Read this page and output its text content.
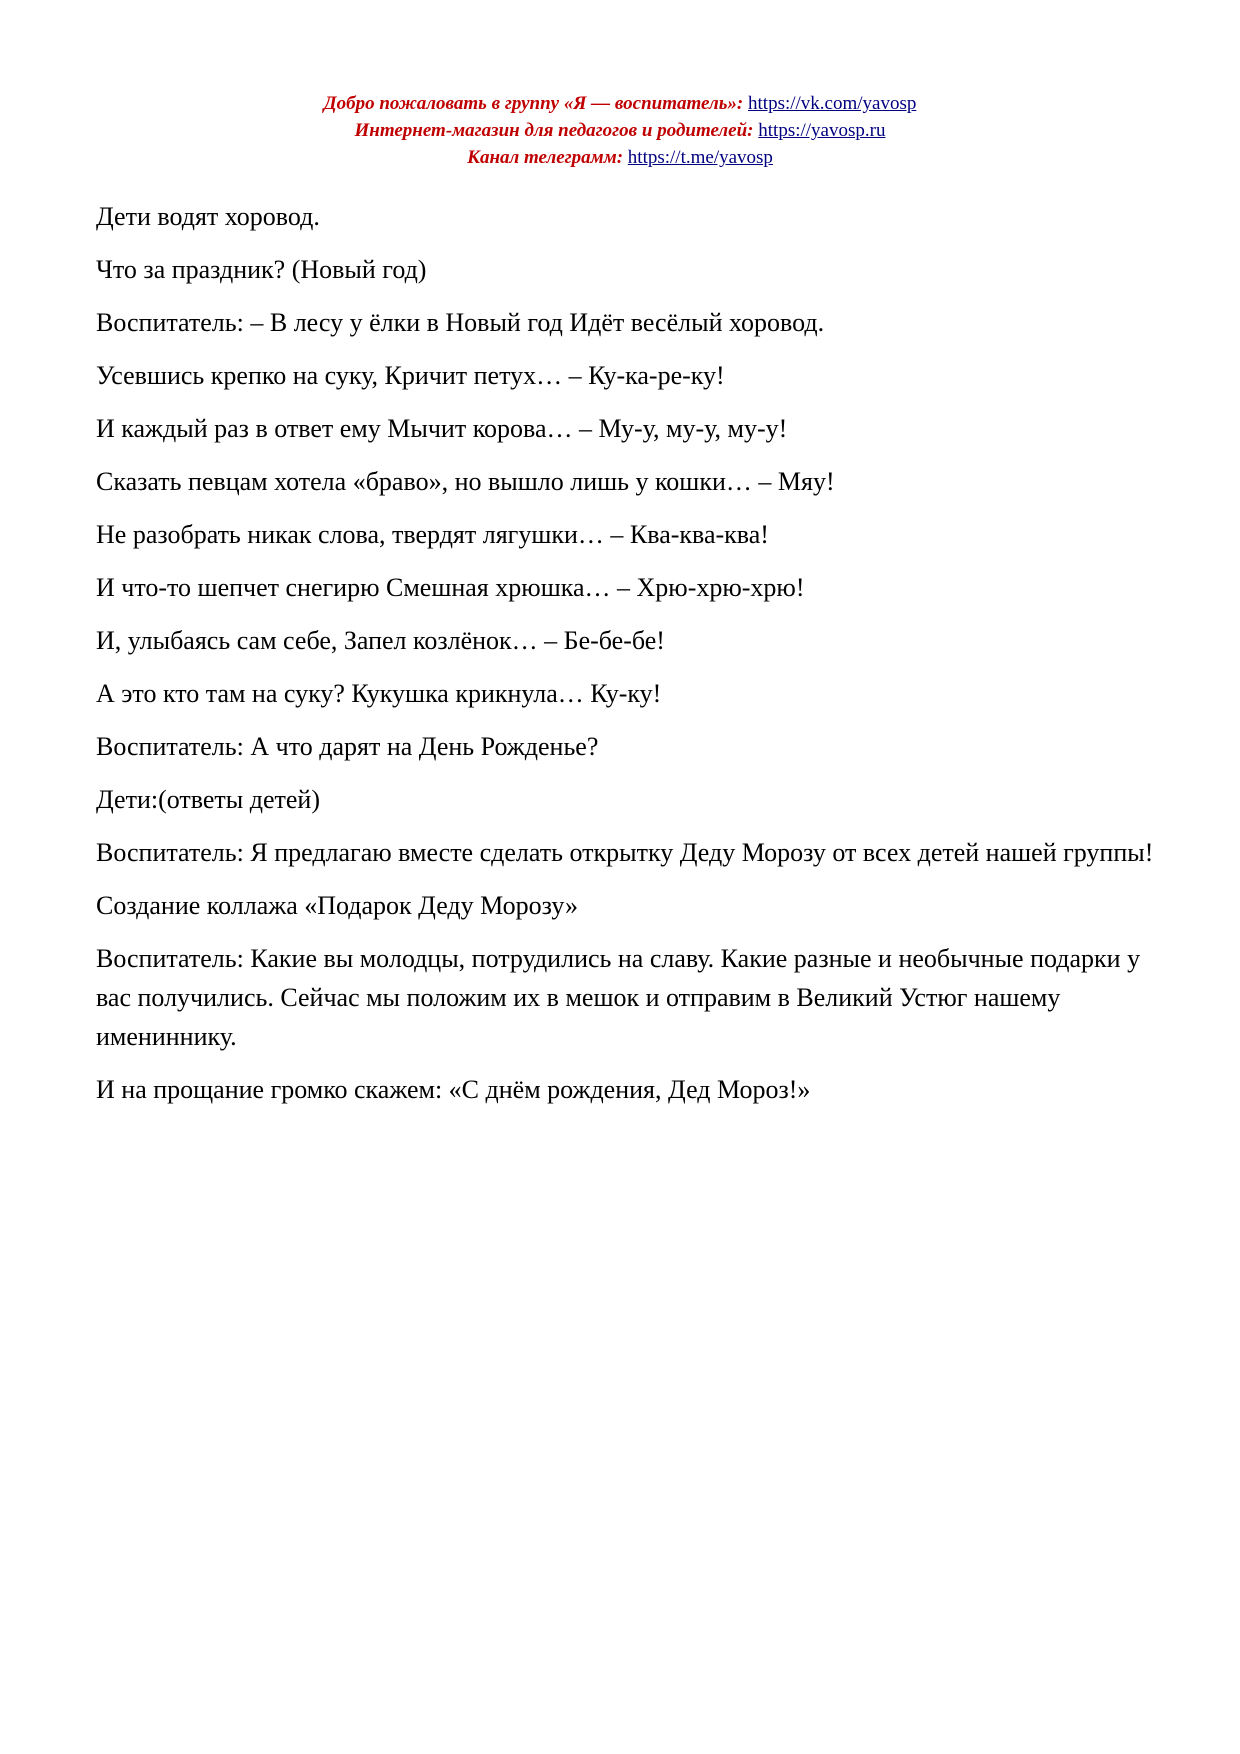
Добро пожаловать в группу «Я — воспитатель»: https://vk.com/yavosp
Интернет-магазин для педагогов и родителей: https://yavosp.ru
Канал телеграмм: https://t.me/yavosp

Дети водят хоровод.

Что за праздник? (Новый год)

Воспитатель: – В лесу у ёлки в Новый год Идёт весёлый хоровод.

Усевшись крепко на суку, Кричит петух… – Ку-ка-ре-ку!

И каждый раз в ответ ему Мычит корова… – Му-у, му-у, му-у!

Сказать певцам хотела «браво», но вышло лишь у кошки… – Мяу!

Не разобрать никак слова, твердят лягушки… – Ква-ква-ква!

И что-то шепчет снегирю Смешная хрюшка… – Хрю-хрю-хрю!

И, улыбаясь сам себе, Запел козлёнок… – Бе-бе-бе!

А это кто там на суку? Кукушка крикнула… Ку-ку!

Воспитатель: А что дарят на День Рожденье?

Дети:(ответы детей)

Воспитатель: Я предлагаю вместе сделать открытку Деду Морозу от всех детей нашей группы!

Создание коллажа «Подарок Деду Морозу»

Воспитатель: Какие вы молодцы, потрудились на славу. Какие разные и необычные подарки у вас получились. Сейчас мы положим их в мешок и отправим в Великий Устюг нашему имениннику.

И на прощание громко скажем: «С днём рождения, Дед Мороз!»
